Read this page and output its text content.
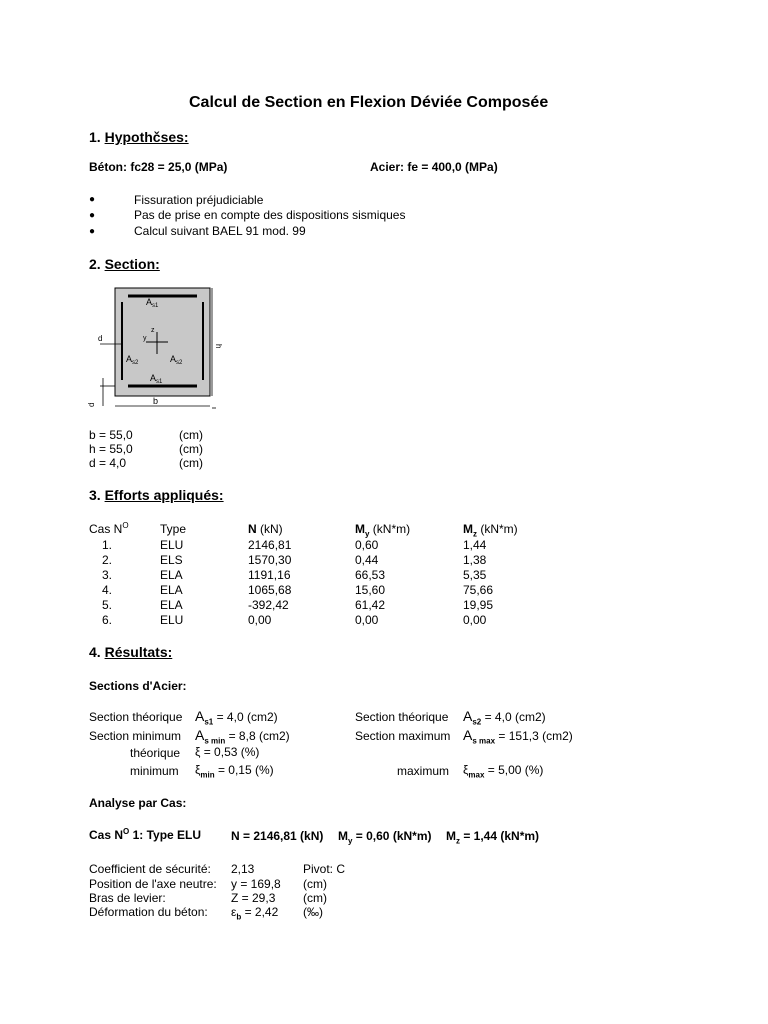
Calcul de Section en Flexion Déviée Composée
1. Hypothčses:
Béton: fc28 = 25,0 (MPa)	Acier: fe = 400,0 (MPa)
●	Fissuration préjudiciable
●	Pas de prise en compte des dispositions sismiques
●	Calcul suivant BAEL 91 mod. 99
2. Section:
$A_{s1}$
$A_{s2}$	$A_{s2}$
$A_{s1}$
d	y
z
h
b
d
b = 55,0	(cm)
h = 55,0	(cm)
d = 4,0	(cm)
3. Efforts appliqués:
Cas $N^O$	Type	N (kN)	$M_y$ (kN*m)	$M_z$ (kN*m)
1.	ELU	2146,81	0,60	1,44
2.	ELS	1570,30	0,44	1,38
3.	ELA	1191,16	66,53	5,35
4.	ELA	1065,68	15,60	75,66
5.	ELA	-392,42	61,42	19,95
6.	ELU	0,00	0,00	0,00
4. Résultats:
Sections d'Acier:
Section théorique $A_{s1} = 4,0$ (cm2)	Section théorique $A_{s2} = 4,0$ (cm2)
Section minimum $A_{s min} = 8,8$ (cm2)	Section maximum $A_{s max} = 151,3$ (cm2)
théorique ξ = 0,53 (%)
minimum $\xi_{min} = 0,15$ (%)	maximum $\xi_{max} = 5,00$ (%)
Analyse par Cas:
Cas $N^O$ 1: Type ELU N = 2146,81 (kN) $M_y = 0,60$ (kN*m) $M_z = 1,44$ (kN*m)
Coefficient de sécurité: 2,13	Pivot: C
Position de l'axe neutre: y = 169,8 (cm)
Bras de levier:	Z = 29,3 (cm)
Déformation du béton: $\varepsilon_b = 2,42$ (‰)
